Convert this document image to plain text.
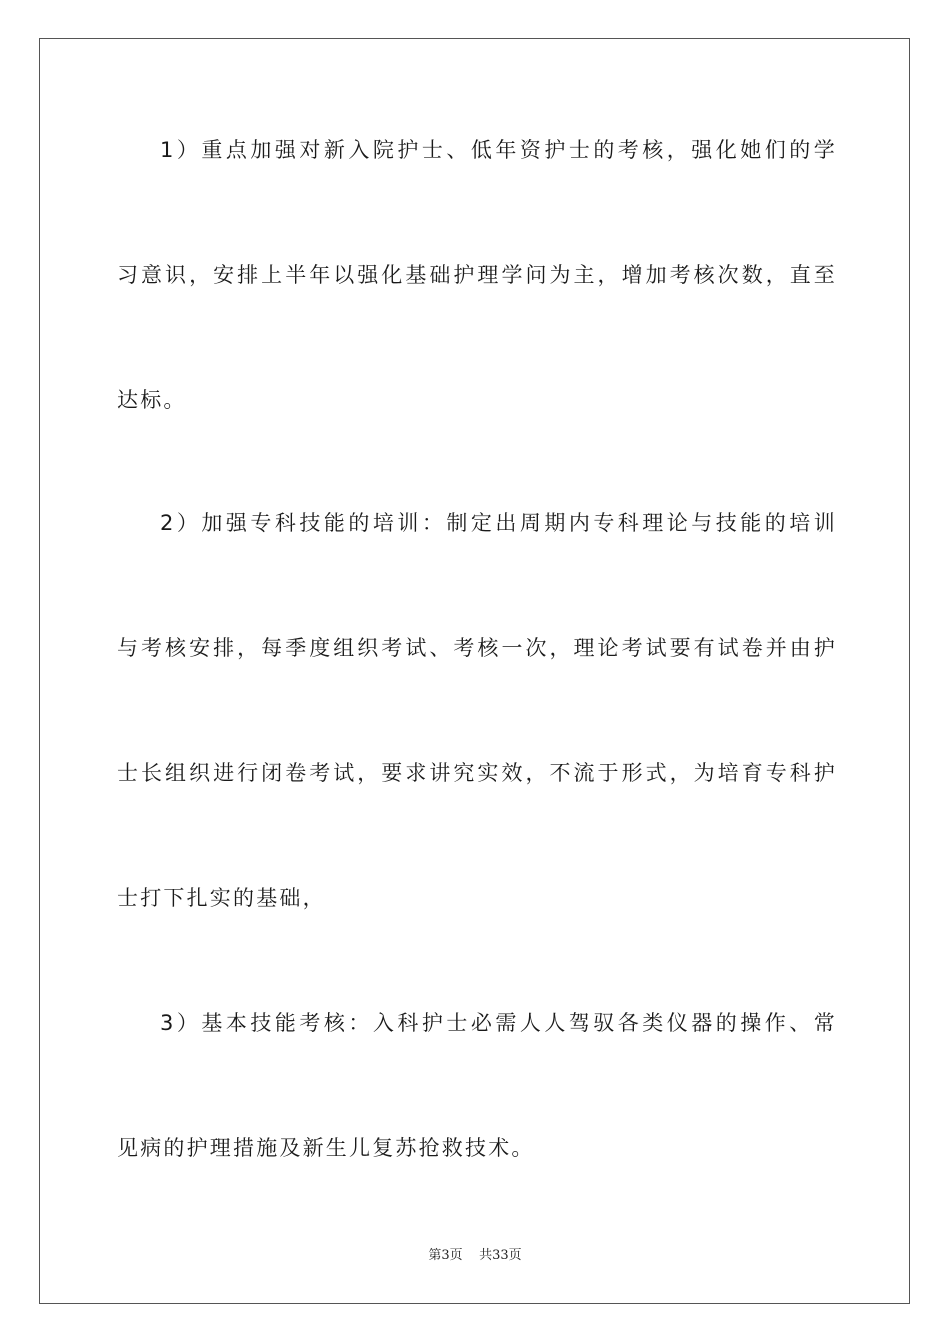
1）重点加强对新入院护士、低年资护士的考核，强化她们的学
习意识，安排上半年以强化基础护理学问为主，增加考核次数，直至
达标。
2）加强专科技能的培训：制定出周期内专科理论与技能的培训
与考核安排，每季度组织考试、考核一次，理论考试要有试卷并由护
士长组织进行闭卷考试，要求讲究实效，不流于形式，为培育专科护
士打下扎实的基础，
3）基本技能考核：入科护士必需人人驾驭各类仪器的操作、常
见病的护理措施及新生儿复苏抢救技术。
第3页 共33页
